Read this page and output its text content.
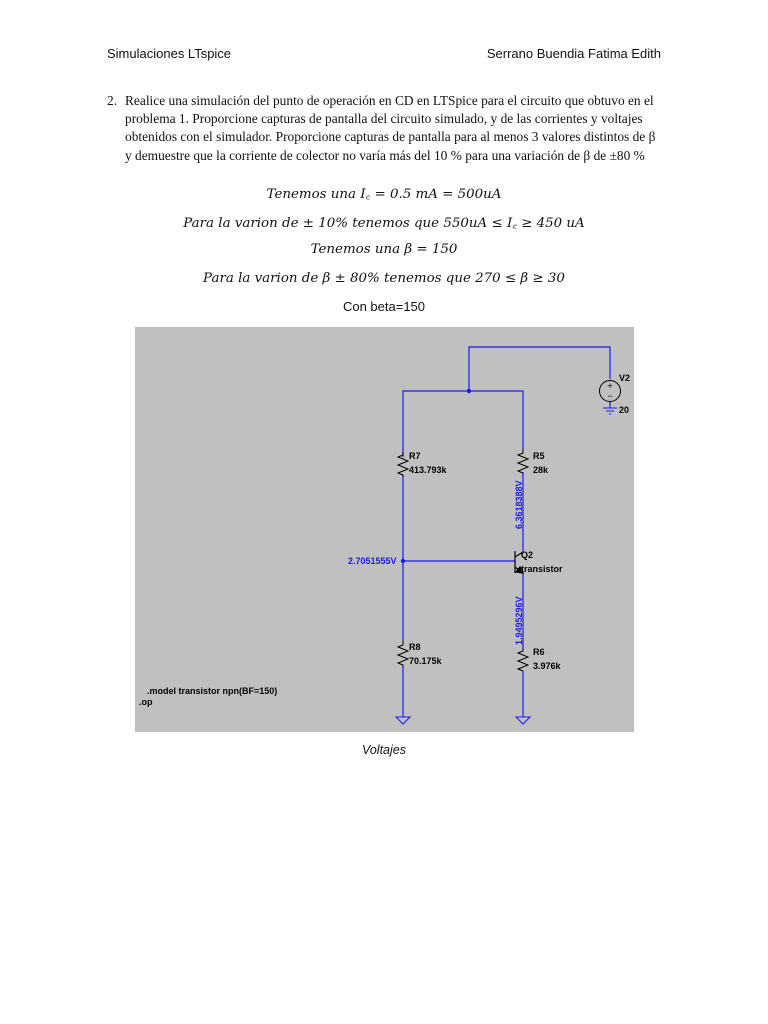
Simulaciones LTspice	Serrano Buendia Fatima Edith
2. Realice una simulación del punto de operación en CD en LTSpice para el circuito que obtuvo en el problema 1. Proporcione capturas de pantalla del circuito simulado, y de las corrientes y voltajes obtenidos con el simulador. Proporcione capturas de pantalla para al menos 3 valores distintos de β y demuestre que la corriente de colector no varía más del 10 % para una variación de β de ±80 %
Tenemos una I꜀ = 0.5 mA = 500uA
Para la varion de ± 10% tenemos que 550uA ≤ I꜀ ≥ 450 uA
Tenemos una β = 150
Para la varion de β ± 80% tenemos que 270 ≤ β ≥ 30
Con beta=150
+
−
V2
20
R7
413.793k
R8
70.175k
R5
28k
R6
3.976k
Q2
transistor
2.7051555V
6.3618388V
1.9495296V
.model transistor npn(BF=150)
.op
Voltajes
